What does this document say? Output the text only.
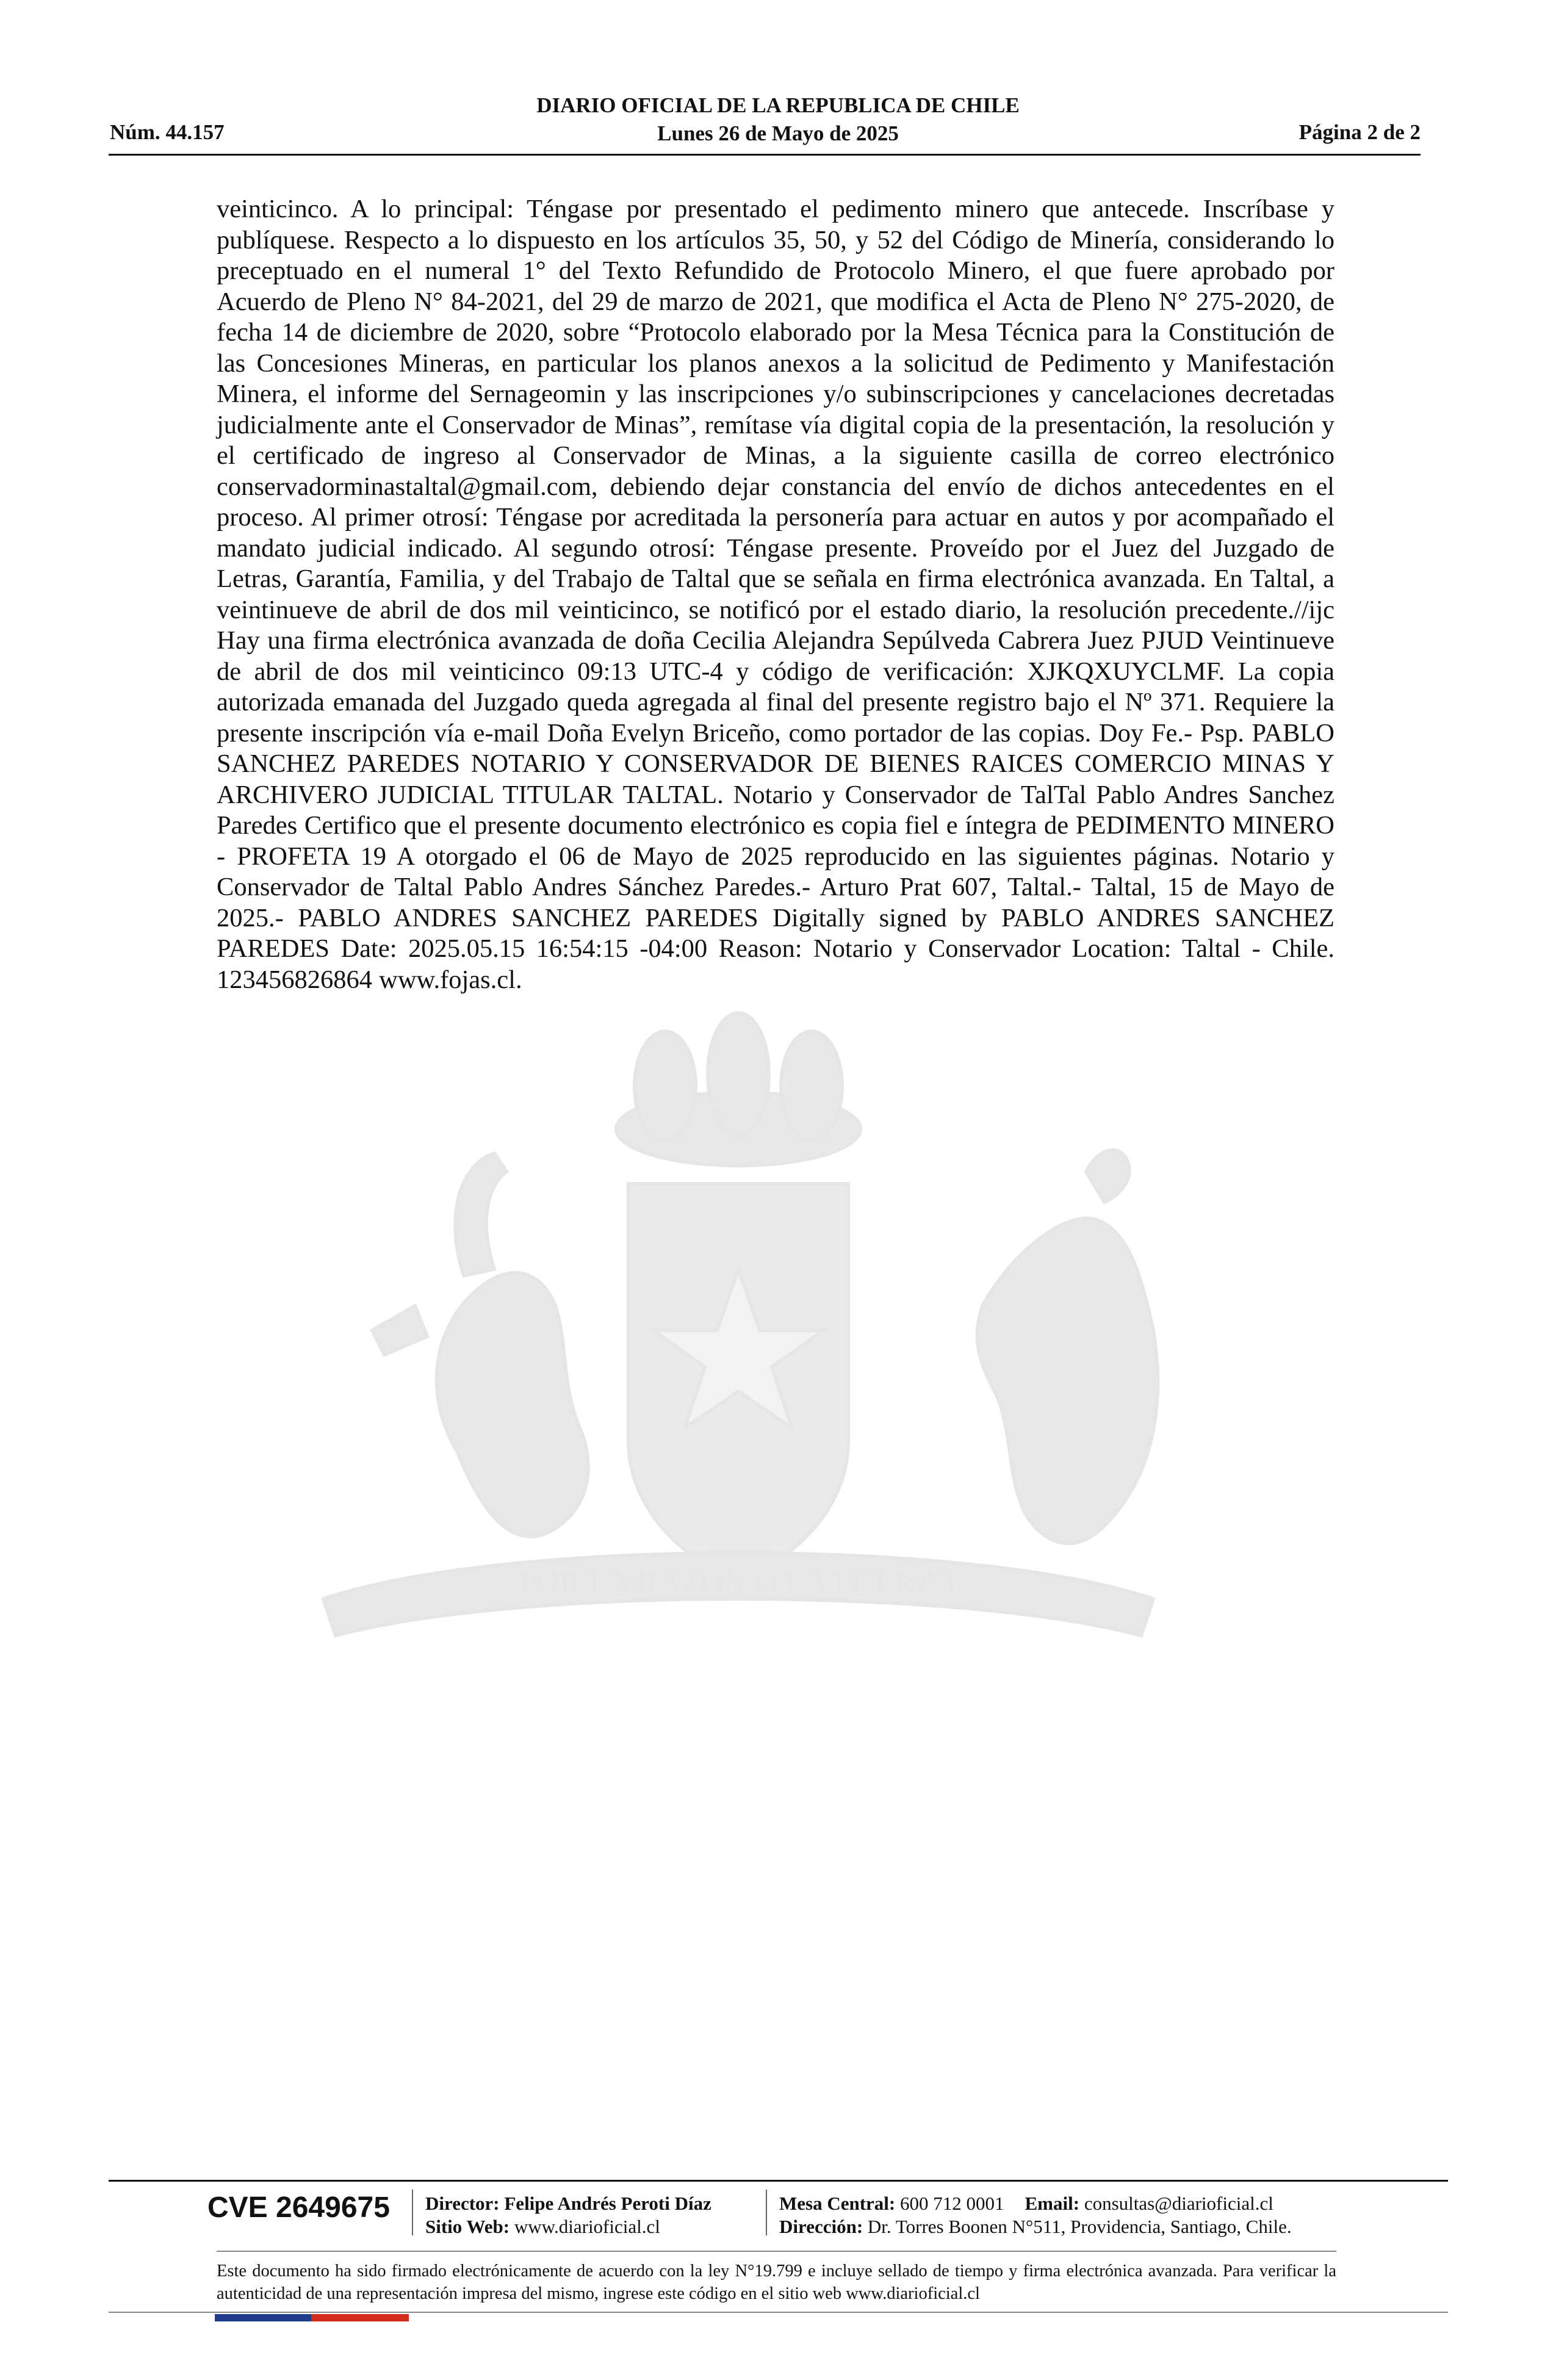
DIARIO OFICIAL DE LA REPUBLICA DE CHILE
Lunes 26 de Mayo de 2025
Núm. 44.157	Página 2 de 2
POR LA RAZON O LA FUERZA
veinticinco. A lo principal: Téngase por presentado el pedimento minero que antecede. Inscríbase y publíquese. Respecto a lo dispuesto en los artículos 35, 50, y 52 del Código de Minería, considerando lo preceptuado en el numeral 1° del Texto Refundido de Protocolo Minero, el que fuere aprobado por Acuerdo de Pleno N° 84-2021, del 29 de marzo de 2021, que modifica el Acta de Pleno N° 275-2020, de fecha 14 de diciembre de 2020, sobre “Protocolo elaborado por la Mesa Técnica para la Constitución de las Concesiones Mineras, en particular los planos anexos a la solicitud de Pedimento y Manifestación Minera, el informe del Sernageomin y las inscripciones y/o subinscripciones y cancelaciones decretadas judicialmente ante el Conservador de Minas”, remítase vía digital copia de la presentación, la resolución y el certificado de ingreso al Conservador de Minas, a la siguiente casilla de correo electrónico conservadorminastaltal@gmail.com, debiendo dejar constancia del envío de dichos antecedentes en el proceso. Al primer otrosí: Téngase por acreditada la personería para actuar en autos y por acompañado el mandato judicial indicado. Al segundo otrosí: Téngase presente. Proveído por el Juez del Juzgado de Letras, Garantía, Familia, y del Trabajo de Taltal que se señala en firma electrónica avanzada. En Taltal, a veintinueve de abril de dos mil veinticinco, se notificó por el estado diario, la resolución precedente.//ijc Hay una firma electrónica avanzada de doña Cecilia Alejandra Sepúlveda Cabrera Juez PJUD Veintinueve de abril de dos mil veinticinco 09:13 UTC-4 y código de verificación: XJKQXUYCLMF. La copia autorizada emanada del Juzgado queda agregada al final del presente registro bajo el Nº 371. Requiere la presente inscripción vía e-mail Doña Evelyn Briceño, como portador de las copias. Doy Fe.- Psp. PABLO SANCHEZ PAREDES NOTARIO Y CONSERVADOR DE BIENES RAICES COMERCIO MINAS Y ARCHIVERO JUDICIAL TITULAR TALTAL. Notario y Conservador de TalTal Pablo Andres Sanchez Paredes Certifico que el presente documento electrónico es copia fiel e íntegra de PEDIMENTO MINERO - PROFETA 19 A otorgado el 06 de Mayo de 2025 reproducido en las siguientes páginas. Notario y Conservador de Taltal Pablo Andres Sánchez Paredes.- Arturo Prat 607, Taltal.- Taltal, 15 de Mayo de 2025.- PABLO ANDRES SANCHEZ PAREDES Digitally signed by PABLO ANDRES SANCHEZ PAREDES Date: 2025.05.15 16:54:15 -04:00 Reason: Notario y Conservador Location: Taltal - Chile. 123456826864 www.fojas.cl.
CVE 2649675 Director: Felipe Andrés Peroti Díaz
Sitio Web: www.diarioficial.cl
Mesa Central: 600 712 0001 Email: consultas@diarioficial.cl
Dirección: Dr. Torres Boonen N°511, Providencia, Santiago, Chile.
Este documento ha sido firmado electrónicamente de acuerdo con la ley N°19.799 e incluye sellado de tiempo y firma electrónica avanzada. Para verificar la autenticidad de una representación impresa del mismo, ingrese este código en el sitio web www.diarioficial.cl
